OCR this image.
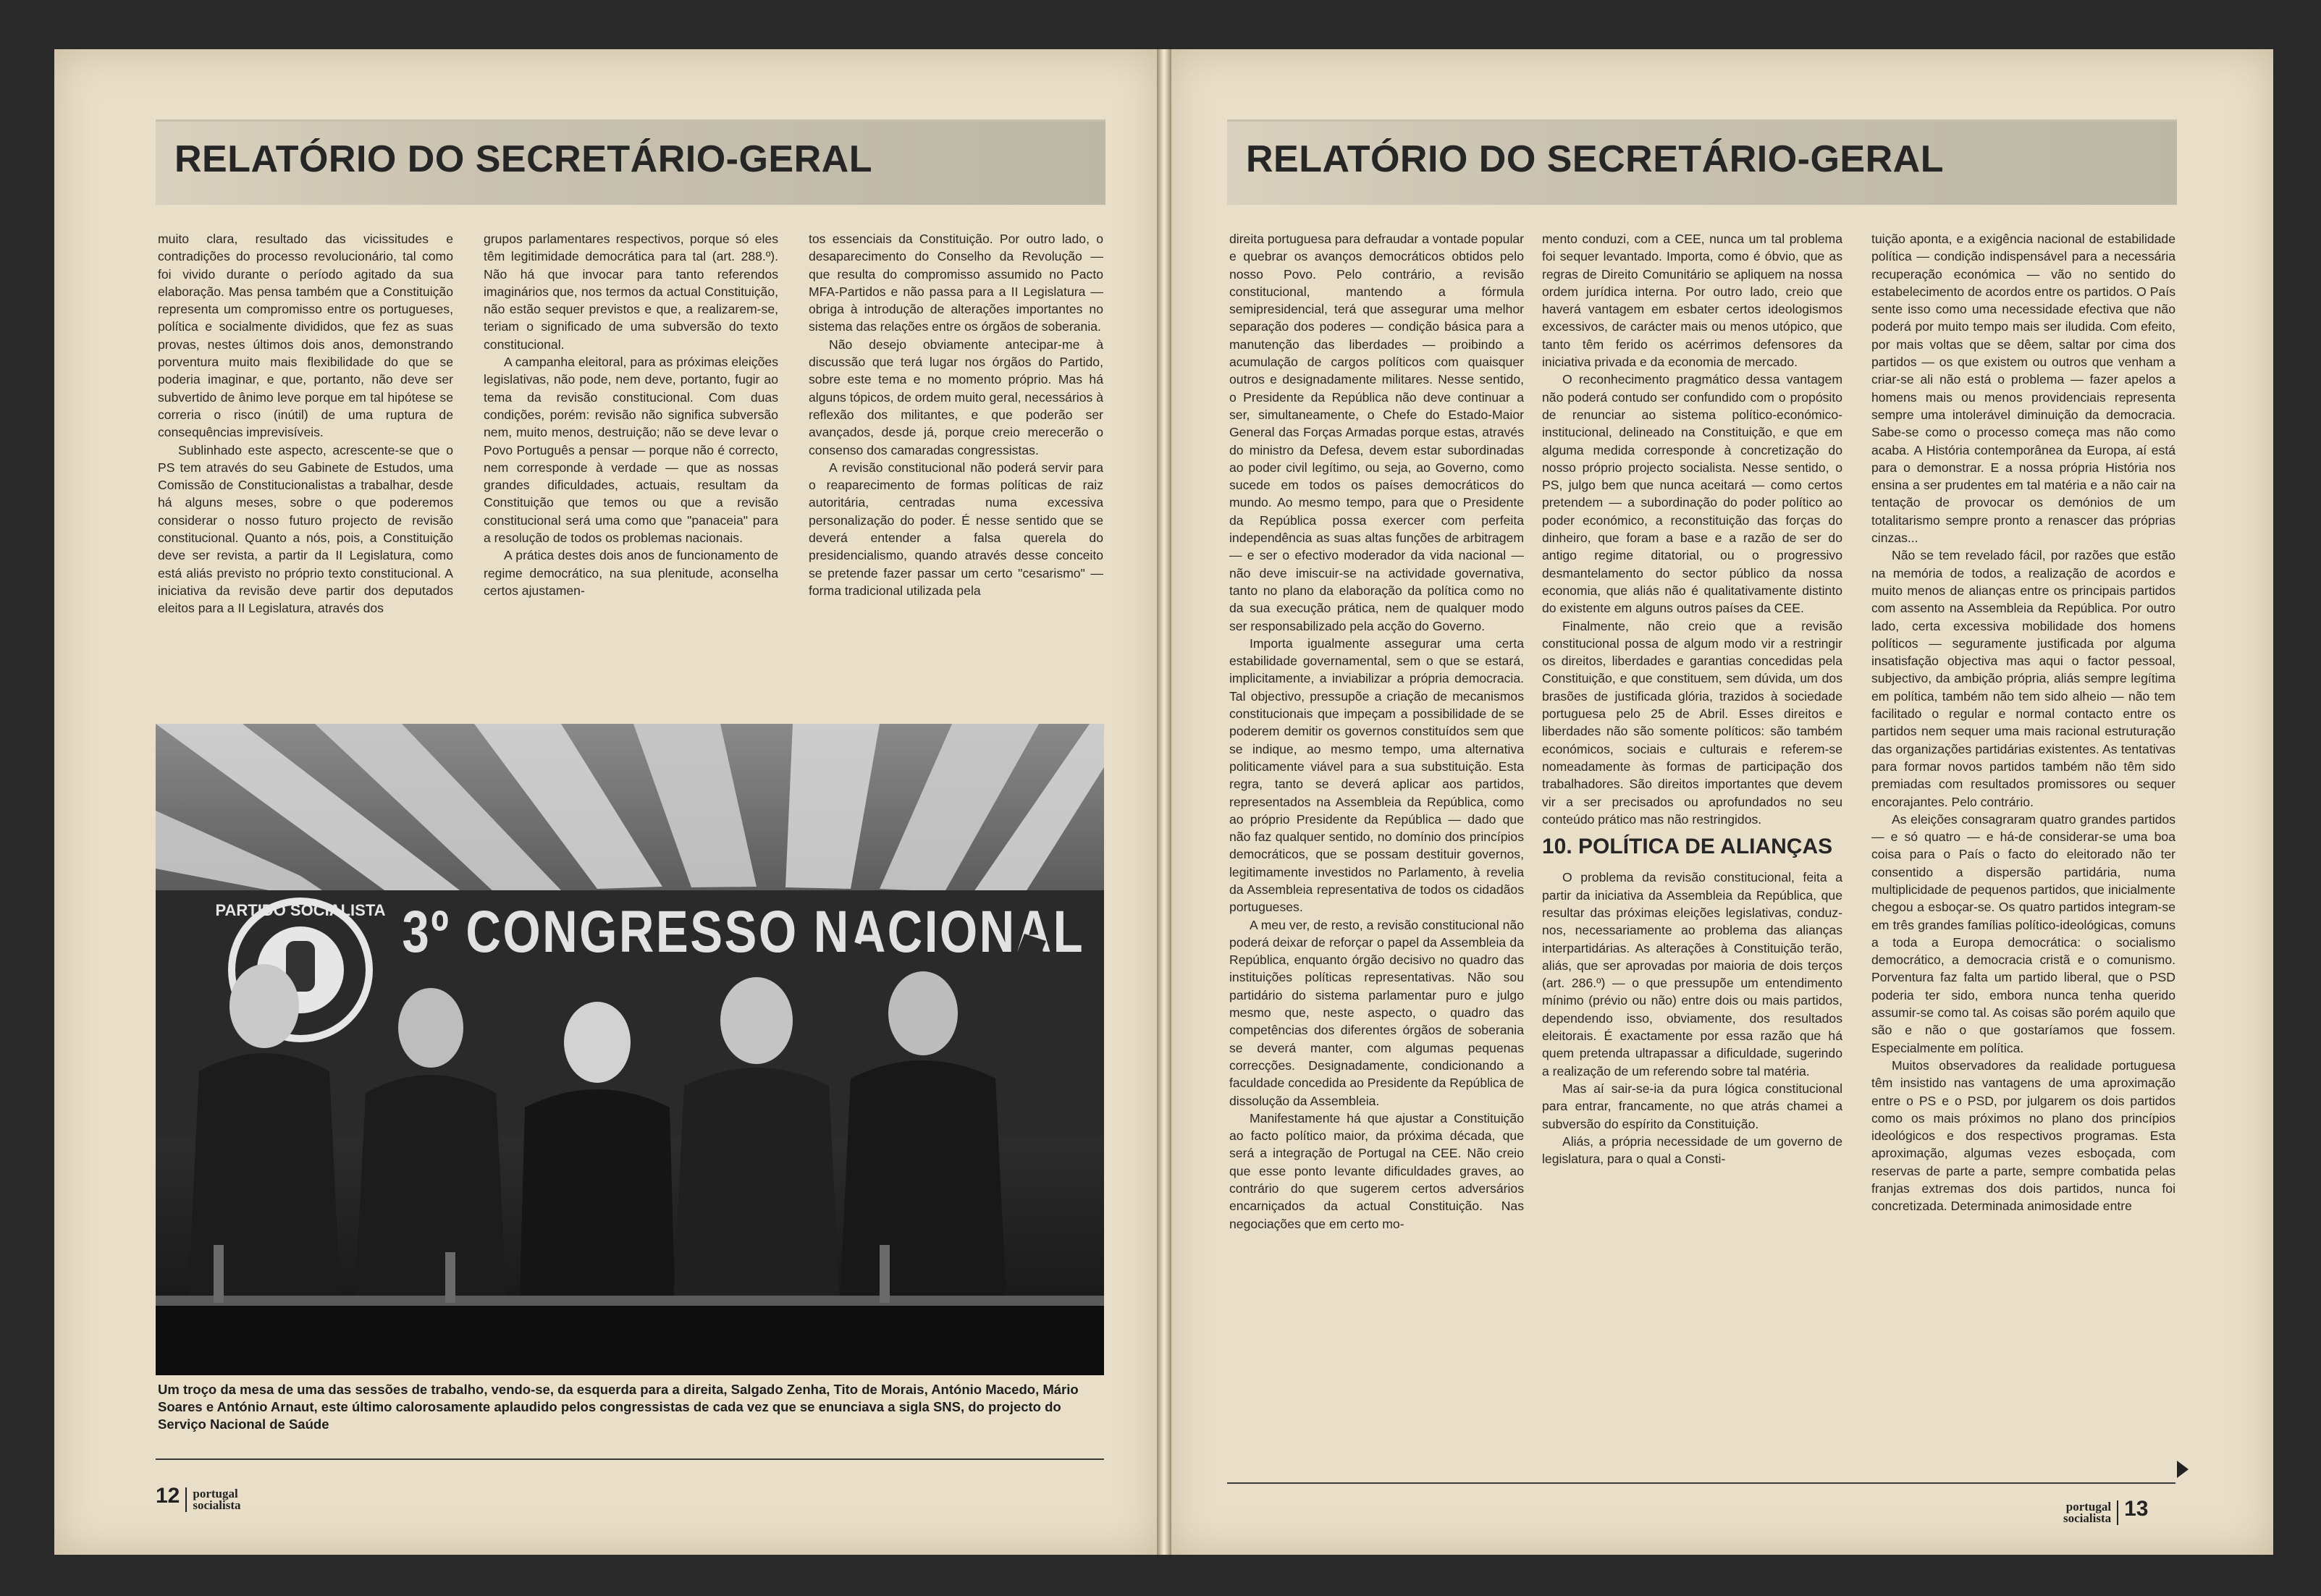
RELATÓRIO DO SECRETÁRIO-GERAL

muito clara, resultado das vicissitudes e contradições do processo revolucionário, tal como foi vivido durante o período agitado da sua elaboração. Mas pensa também que a Constituição representa um compromisso entre os portugueses, política e socialmente divididos, que fez as suas provas, nestes últimos dois anos, demonstrando porventura muito mais flexibilidade do que se poderia imaginar, e que, portanto, não deve ser subvertido de ânimo leve porque em tal hipótese se correria o risco (inútil) de uma ruptura de consequências imprevisíveis.

Sublinhado este aspecto, acrescente-se que o PS tem através do seu Gabinete de Estudos, uma Comissão de Constitucionalistas a trabalhar, desde há alguns meses, sobre o que poderemos considerar o nosso futuro projecto de revisão constitucional. Quanto a nós, pois, a Constituição deve ser revista, a partir da II Legislatura, como está aliás previsto no próprio texto constitucional. A iniciativa da revisão deve partir dos deputados eleitos para a II Legislatura, através dos

grupos parlamentares respectivos, porque só eles têm legitimidade democrática para tal (art. 288.º). Não há que invocar para tanto referendos imaginários que, nos termos da actual Constituição, não estão sequer previstos e que, a realizarem-se, teriam o significado de uma subversão do texto constitucional.

A campanha eleitoral, para as próximas eleições legislativas, não pode, nem deve, portanto, fugir ao tema da revisão constitucional. Com duas condições, porém: revisão não significa subversão nem, muito menos, destruição; não se deve levar o Povo Português a pensar — porque não é correcto, nem corresponde à verdade — que as nossas grandes dificuldades, actuais, resultam da Constituição que temos ou que a revisão constitucional será uma como que "panaceia" para a resolução de todos os problemas nacionais.

A prática destes dois anos de funcionamento de regime democrático, na sua plenitude, aconselha certos ajustamen-

tos essenciais da Constituição. Por outro lado, o desaparecimento do Conselho da Revolução — que resulta do compromisso assumido no Pacto MFA-Partidos e não passa para a II Legislatura — obriga à introdução de alterações importantes no sistema das relações entre os órgãos de soberania.

Não desejo obviamente antecipar-me à discussão que terá lugar nos órgãos do Partido, sobre este tema e no momento próprio. Mas há alguns tópicos, de ordem muito geral, necessários à reflexão dos militantes, e que poderão ser avançados, desde já, porque creio merecerão o consenso dos camaradas congressistas.

A revisão constitucional não poderá servir para o reaparecimento de formas políticas de raiz autoritária, centradas numa excessiva personalização do poder. É nesse sentido que se deverá entender a falsa querela do presidencialismo, quando através desse conceito se pretende fazer passar um certo "cesarismo" — forma tradicional utilizada pela

PARTIDO SOCIALISTA 3º CONGRESSO NACIONAL
Um troço da mesa de uma das sessões de trabalho, vendo-se, da esquerda para a direita, Salgado Zenha, Tito de Morais, António Macedo, Mário Soares e António Arnaut, este último calorosamente aplaudido pelos congressistas de cada vez que se enunciava a sigla SNS, do projecto do Serviço Nacional de Saúde
12 portugal
socialista
RELATÓRIO DO SECRETÁRIO-GERAL

direita portuguesa para defraudar a vontade popular e quebrar os avanços democráticos obtidos pelo nosso Povo. Pelo contrário, a revisão constitucional, mantendo a fórmula semipresidencial, terá que assegurar uma melhor separação dos poderes — condição básica para a manutenção das liberdades — proibindo a acumulação de cargos políticos com quaisquer outros e designadamente militares. Nesse sentido, o Presidente da República não deve continuar a ser, simultaneamente, o Chefe do Estado-Maior General das Forças Armadas porque estas, através do ministro da Defesa, devem estar subordinadas ao poder civil legítimo, ou seja, ao Governo, como sucede em todos os países democráticos do mundo. Ao mesmo tempo, para que o Presidente da República possa exercer com perfeita independência as suas altas funções de arbitragem — e ser o efectivo moderador da vida nacional — não deve imiscuir-se na actividade governativa, tanto no plano da elaboração da política como no da sua execução prática, nem de qualquer modo ser responsabilizado pela acção do Governo.

Importa igualmente assegurar uma certa estabilidade governamental, sem o que se estará, implicitamente, a inviabilizar a própria democracia. Tal objectivo, pressupõe a criação de mecanismos constitucionais que impeçam a possibilidade de se poderem demitir os governos constituídos sem que se indique, ao mesmo tempo, uma alternativa politicamente viável para a sua substituição. Esta regra, tanto se deverá aplicar aos partidos, representados na Assembleia da República, como ao próprio Presidente da República — dado que não faz qualquer sentido, no domínio dos princípios democráticos, que se possam destituir governos, legitimamente investidos no Parlamento, à revelia da Assembleia representativa de todos os cidadãos portugueses.

A meu ver, de resto, a revisão constitucional não poderá deixar de reforçar o papel da Assembleia da República, enquanto órgão decisivo no quadro das instituições políticas representativas. Não sou partidário do sistema parlamentar puro e julgo mesmo que, neste aspecto, o quadro das competências dos diferentes órgãos de soberania se deverá manter, com algumas pequenas correcções. Designadamente, condicionando a faculdade concedida ao Presidente da República de dissolução da Assembleia.

Manifestamente há que ajustar a Constituição ao facto político maior, da próxima década, que será a integração de Portugal na CEE. Não creio que esse ponto levante dificuldades graves, ao contrário do que sugerem certos adversários encarniçados da actual Constituição. Nas negociações que em certo mo-

mento conduzi, com a CEE, nunca um tal problema foi sequer levantado. Importa, como é óbvio, que as regras de Direito Comunitário se apliquem na nossa ordem jurídica interna. Por outro lado, creio que haverá vantagem em esbater certos ideologismos excessivos, de carácter mais ou menos utópico, que tanto têm ferido os acérrimos defensores da iniciativa privada e da economia de mercado.

O reconhecimento pragmático dessa vantagem não poderá contudo ser confundido com o propósito de renunciar ao sistema político-económico-institucional, delineado na Constituição, e que em alguma medida corresponde à concretização do nosso próprio projecto socialista. Nesse sentido, o PS, julgo bem que nunca aceitará — como certos pretendem — a subordinação do poder político ao poder económico, a reconstituição das forças do dinheiro, que foram a base e a razão de ser do antigo regime ditatorial, ou o progressivo desmantelamento do sector público da nossa economia, que aliás não é qualitativamente distinto do existente em alguns outros países da CEE.

Finalmente, não creio que a revisão constitucional possa de algum modo vir a restringir os direitos, liberdades e garantias concedidas pela Constituição, e que constituem, sem dúvida, um dos brasões de justificada glória, trazidos à sociedade portuguesa pelo 25 de Abril. Esses direitos e liberdades não são somente políticos: são também económicos, sociais e culturais e referem-se nomeadamente às formas de participação dos trabalhadores. São direitos importantes que devem vir a ser precisados ou aprofundados no seu conteúdo prático mas não restringidos.

10. POLÍTICA DE ALIANÇAS

O problema da revisão constitucional, feita a partir da iniciativa da Assembleia da República, que resultar das próximas eleições legislativas, conduz-nos, necessariamente ao problema das alianças interpartidárias. As alterações à Constituição terão, aliás, que ser aprovadas por maioria de dois terços (art. 286.º) — o que pressupõe um entendimento mínimo (prévio ou não) entre dois ou mais partidos, dependendo isso, obviamente, dos resultados eleitorais. É exactamente por essa razão que há quem pretenda ultrapassar a dificuldade, sugerindo a realização de um referendo sobre tal matéria.

Mas aí sair-se-ia da pura lógica constitucional para entrar, francamente, no que atrás chamei a subversão do espírito da Constituição.

Aliás, a própria necessidade de um governo de legislatura, para o qual a Consti-

tuição aponta, e a exigência nacional de estabilidade política — condição indispensável para a necessária recuperação económica — vão no sentido do estabelecimento de acordos entre os partidos. O País sente isso como uma necessidade efectiva que não poderá por muito tempo mais ser iludida. Com efeito, por mais voltas que se dêem, saltar por cima dos partidos — os que existem ou outros que venham a criar-se ali não está o problema — fazer apelos a homens mais ou menos providenciais representa sempre uma intolerável diminuição da democracia. Sabe-se como o processo começa mas não como acaba. A História contemporânea da Europa, aí está para o demonstrar. E a nossa própria História nos ensina a ser prudentes em tal matéria e a não cair na tentação de provocar os demónios de um totalitarismo sempre pronto a renascer das próprias cinzas...

Não se tem revelado fácil, por razões que estão na memória de todos, a realização de acordos e muito menos de alianças entre os principais partidos com assento na Assembleia da República. Por outro lado, certa excessiva mobilidade dos homens políticos — seguramente justificada por alguma insatisfação objectiva mas aqui o factor pessoal, subjectivo, da ambição própria, aliás sempre legítima em política, também não tem sido alheio — não tem facilitado o regular e normal contacto entre os partidos nem sequer uma mais racional estruturação das organizações partidárias existentes. As tentativas para formar novos partidos também não têm sido premiadas com resultados promissores ou sequer encorajantes. Pelo contrário.

As eleições consagraram quatro grandes partidos — e só quatro — e há-de considerar-se uma boa coisa para o País o facto do eleitorado não ter consentido a dispersão partidária, numa multiplicidade de pequenos partidos, que inicialmente chegou a esboçar-se. Os quatro partidos integram-se em três grandes famílias político-ideológicas, comuns a toda a Europa democrática: o socialismo democrático, a democracia cristã e o comunismo. Porventura faz falta um partido liberal, que o PSD poderia ter sido, embora nunca tenha querido assumir-se como tal. As coisas são porém aquilo que são e não o que gostaríamos que fossem. Especialmente em política.

Muitos observadores da realidade portuguesa têm insistido nas vantagens de uma aproximação entre o PS e o PSD, por julgarem os dois partidos como os mais próximos no plano dos princípios ideológicos e dos respectivos programas. Esta aproximação, algumas vezes esboçada, com reservas de parte a parte, sempre combatida pelas franjas extremas dos dois partidos, nunca foi concretizada. Determinada animosidade entre

portugal
socialista 13
